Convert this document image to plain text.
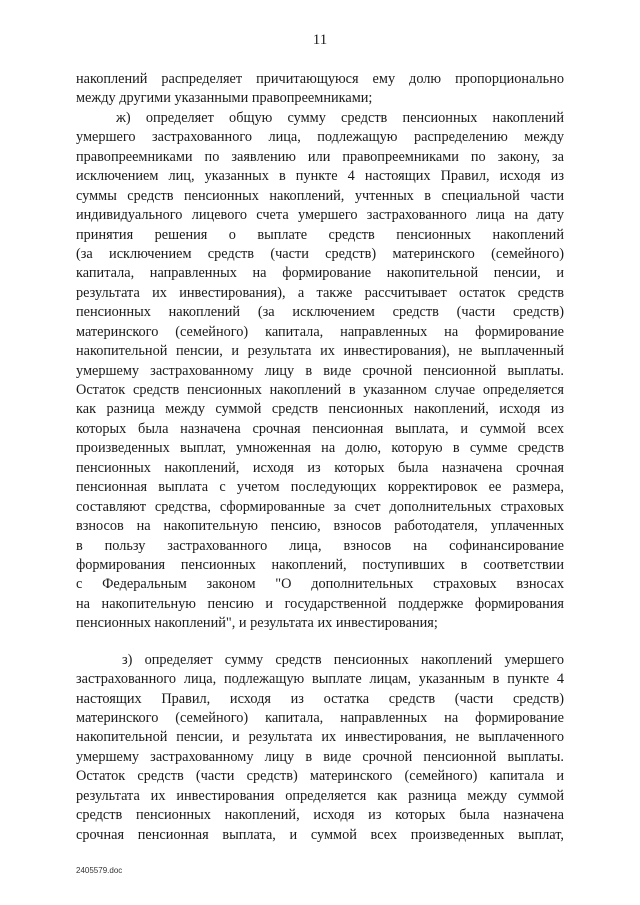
11
накоплений распределяет причитающуюся ему долю пропорционально
между другими указанными правопреемниками;
ж) определяет общую сумму средств пенсионных накоплений
умершего застрахованного лица, подлежащую распределению между
правопреемниками по заявлению или правопреемниками по закону, за
исключением лиц, указанных в пункте 4 настоящих Правил, исходя из
суммы средств пенсионных накоплений, учтенных в специальной части
индивидуального лицевого счета умершего застрахованного лица на дату
принятия решения о выплате средств пенсионных накоплений
(за исключением средств (части средств) материнского (семейного)
капитала, направленных на формирование накопительной пенсии, и
результата их инвестирования), а также рассчитывает остаток средств
пенсионных накоплений (за исключением средств (части средств)
материнского (семейного) капитала, направленных на формирование
накопительной пенсии, и результата их инвестирования), не выплаченный
умершему застрахованному лицу в виде срочной пенсионной выплаты.
Остаток средств пенсионных накоплений в указанном случае определяется
как разница между суммой средств пенсионных накоплений, исходя из
которых была назначена срочная пенсионная выплата, и суммой всех
произведенных выплат, умноженная на долю, которую в сумме средств
пенсионных накоплений, исходя из которых была назначена срочная
пенсионная выплата с учетом последующих корректировок ее размера,
составляют средства, сформированные за счет дополнительных страховых
взносов на накопительную пенсию, взносов работодателя, уплаченных
в пользу застрахованного лица, взносов на софинансирование
формирования пенсионных накоплений, поступивших в соответствии
с Федеральным законом "О дополнительных страховых взносах
на накопительную пенсию и государственной поддержке формирования
пенсионных накоплений", и результата их инвестирования;
з) определяет сумму средств пенсионных накоплений умершего
застрахованного лица, подлежащую выплате лицам, указанным в пункте 4
настоящих Правил, исходя из остатка средств (части средств)
материнского (семейного) капитала, направленных на формирование
накопительной пенсии, и результата их инвестирования, не выплаченного
умершему застрахованному лицу в виде срочной пенсионной выплаты.
Остаток средств (части средств) материнского (семейного) капитала и
результата их инвестирования определяется как разница между суммой
средств пенсионных накоплений, исходя из которых была назначена
срочная пенсионная выплата, и суммой всех произведенных выплат,
2405579.doc
